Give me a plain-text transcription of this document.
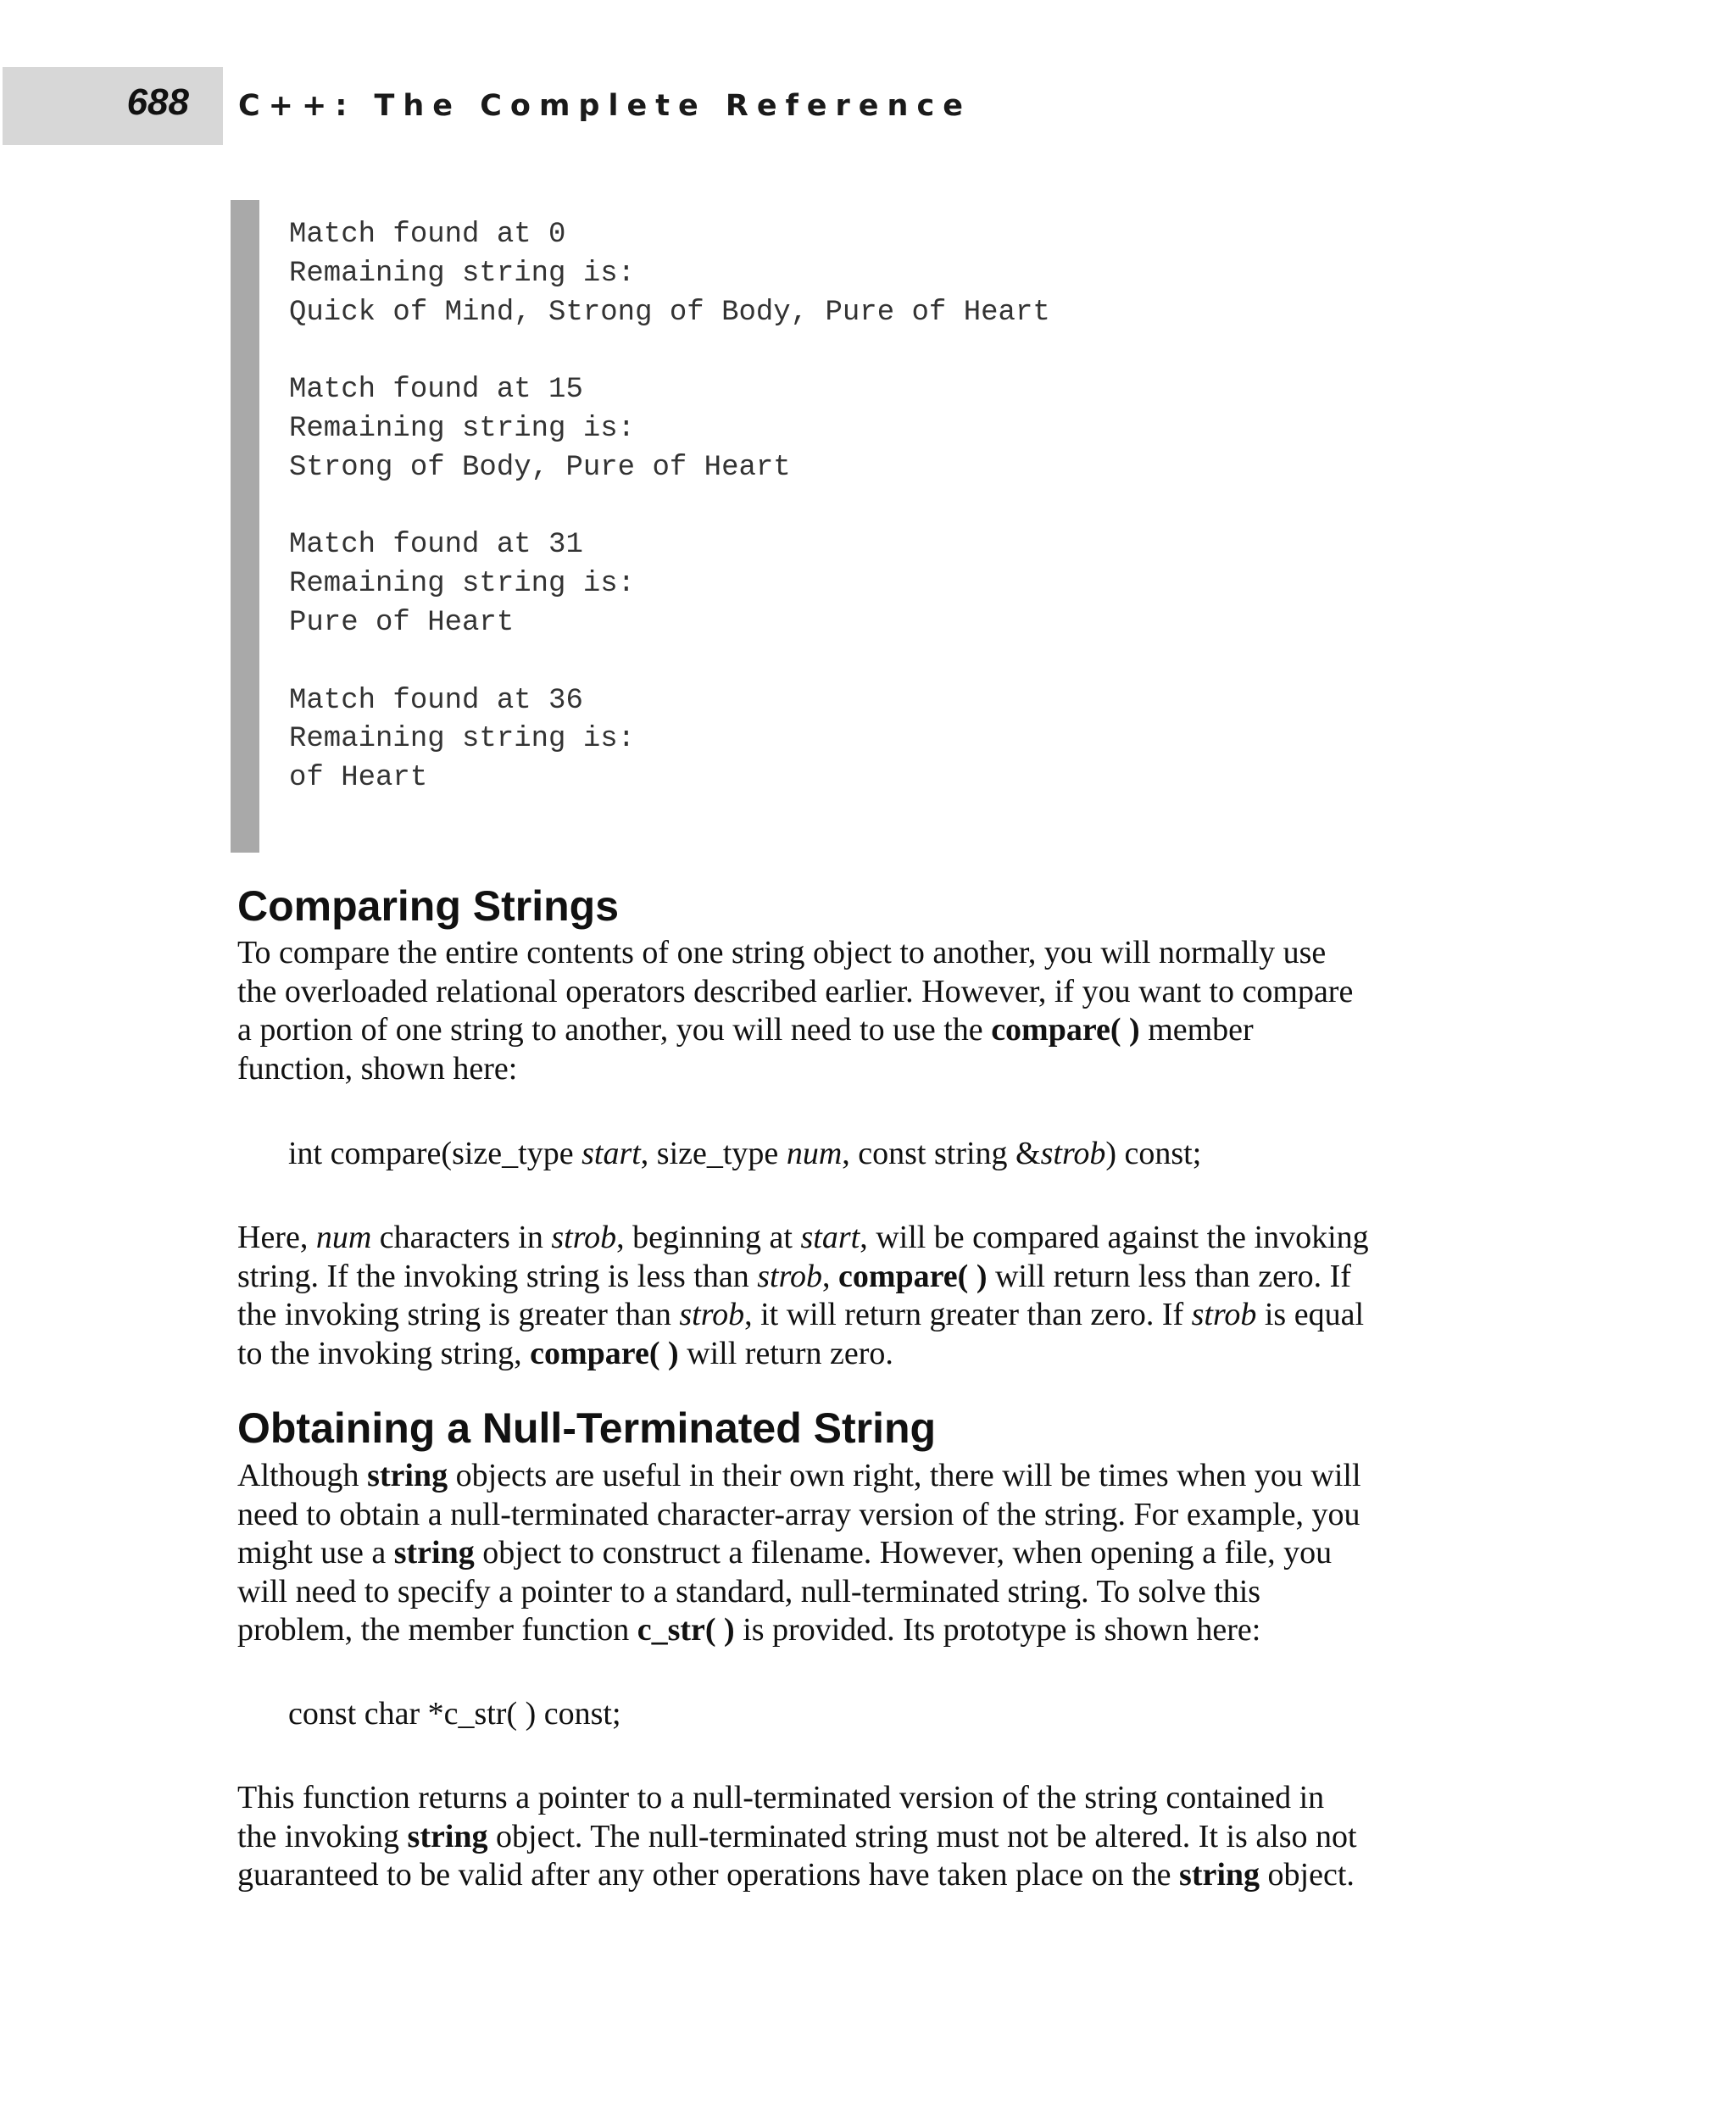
688 C++: The Complete Reference
Match found at 0
Remaining string is:
Quick of Mind, Strong of Body, Pure of Heart
Match found at 15
Remaining string is:
Strong of Body, Pure of Heart
Match found at 31
Remaining string is:
Pure of Heart
Match found at 36
Remaining string is:
of Heart
Comparing Strings

To compare the entire contents of one string object to another, you will normally use
the overloaded relational operators described earlier. However, if you want to compare
a portion of one string to another, you will need to use the compare( ) member
function, shown here:

int compare(size_type start, size_type num, const string &strob) const;

Here, num characters in strob, beginning at start, will be compared against the invoking
string. If the invoking string is less than strob, compare( ) will return less than zero. If
the invoking string is greater than strob, it will return greater than zero. If strob is equal
to the invoking string, compare( ) will return zero.

Obtaining a Null-Terminated String

Although string objects are useful in their own right, there will be times when you will
need to obtain a null-terminated character-array version of the string. For example, you
might use a string object to construct a filename. However, when opening a file, you
will need to specify a pointer to a standard, null-terminated string. To solve this
problem, the member function c_str( ) is provided. Its prototype is shown here:

const char *c_str( ) const;

This function returns a pointer to a null-terminated version of the string contained in
the invoking string object. The null-terminated string must not be altered. It is also not
guaranteed to be valid after any other operations have taken place on the string object.
